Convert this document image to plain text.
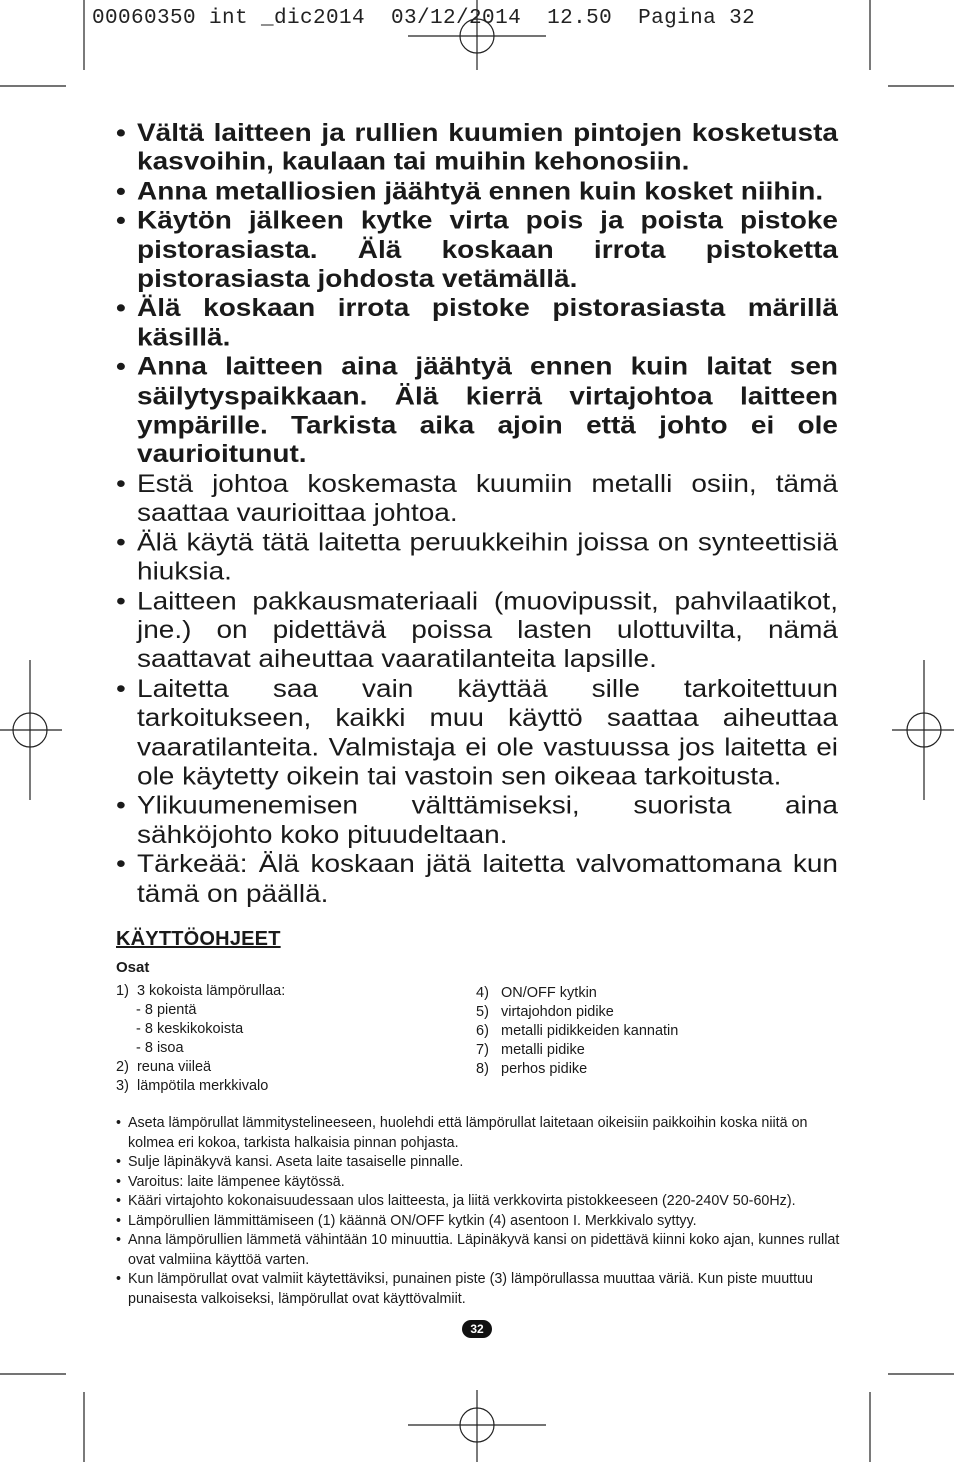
00060350 int _dic2014  03/12/2014  12.50  Pagina 32
• Vältä laitteen ja rullien kuumien pintojen kosketusta kasvoihin, kaulaan tai muihin kehonosiin.
• Anna metalliosien jäähtyä ennen kuin kosket niihin.
• Käytön jälkeen kytke virta pois ja poista pistoke pistorasiasta. Älä koskaan irrota pistoketta pistorasiasta johdosta vetämällä.
• Älä koskaan irrota pistoke pistorasiasta märillä käsillä.
• Anna laitteen aina jäähtyä ennen kuin laitat sen säilytyspaikkaan. Älä kierrä virtajohtoa laitteen ympärille. Tarkista aika ajoin että johto ei ole vaurioitunut.
• Estä johtoa koskemasta kuumiin metalli osiin, tämä saattaa vaurioittaa johtoa.
• Älä käytä tätä laitetta peruukkeihin joissa on synteettisiä hiuksia.
• Laitteen pakkausmateriaali (muovipussit, pahvilaatikot, jne.) on pidettävä poissa lasten ulottuvilta, nämä saattavat aiheuttaa vaaratilanteita lapsille.
• Laitetta saa vain käyttää sille tarkoitettuun tarkoitukseen, kaikki muu käyttö saattaa aiheuttaa vaaratilanteita. Valmistaja ei ole vastuussa jos laitetta ei ole käytetty oikein tai vastoin sen oikeaa tarkoitusta.
• Ylikuumenemisen välttämiseksi, suorista aina sähköjohto koko pituudeltaan.
• Tärkeää: Älä koskaan jätä laitetta valvomattomana kun tämä on päällä.
KÄYTTÖOHJEET
Osat
1) 3 kokoista lämpörullaa:
- 8 pientä
- 8 keskikokoista
- 8 isoa
2) reuna viileä
3) lämpötila merkkivalo
4) ON/OFF kytkin
5) virtajohdon pidike
6) metalli pidikkeiden kannatin
7) metalli pidike
8) perhos pidike
• Aseta lämpörullat lämmitystelineeseen, huolehdi että lämpörullat laitetaan oikeisiin paikkoihin koska niitä on kolmea eri kokoa, tarkista halkaisia pinnan pohjasta.
• Sulje läpinäkyvä kansi. Aseta laite tasaiselle pinnalle.
• Varoitus: laite lämpenee käytössä.
• Kääri virtajohto kokonaisuudessaan ulos laitteesta, ja liitä verkkovirta pistokkeeseen (220-240V 50-60Hz).
• Lämpörullien lämmittämiseen (1) käännä ON/OFF kytkin (4) asentoon I. Merkkivalo syttyy.
• Anna lämpörullien lämmetä vähintään 10 minuuttia. Läpinäkyvä kansi on pidettävä kiinni koko ajan, kunnes rullat ovat valmiina käyttöä varten.
• Kun lämpörullat ovat valmiit käytettäviksi, punainen piste (3) lämpörullassa muuttaa väriä. Kun piste muuttuu punaisesta valkoiseksi, lämpörullat ovat käyttövalmiit.
32
